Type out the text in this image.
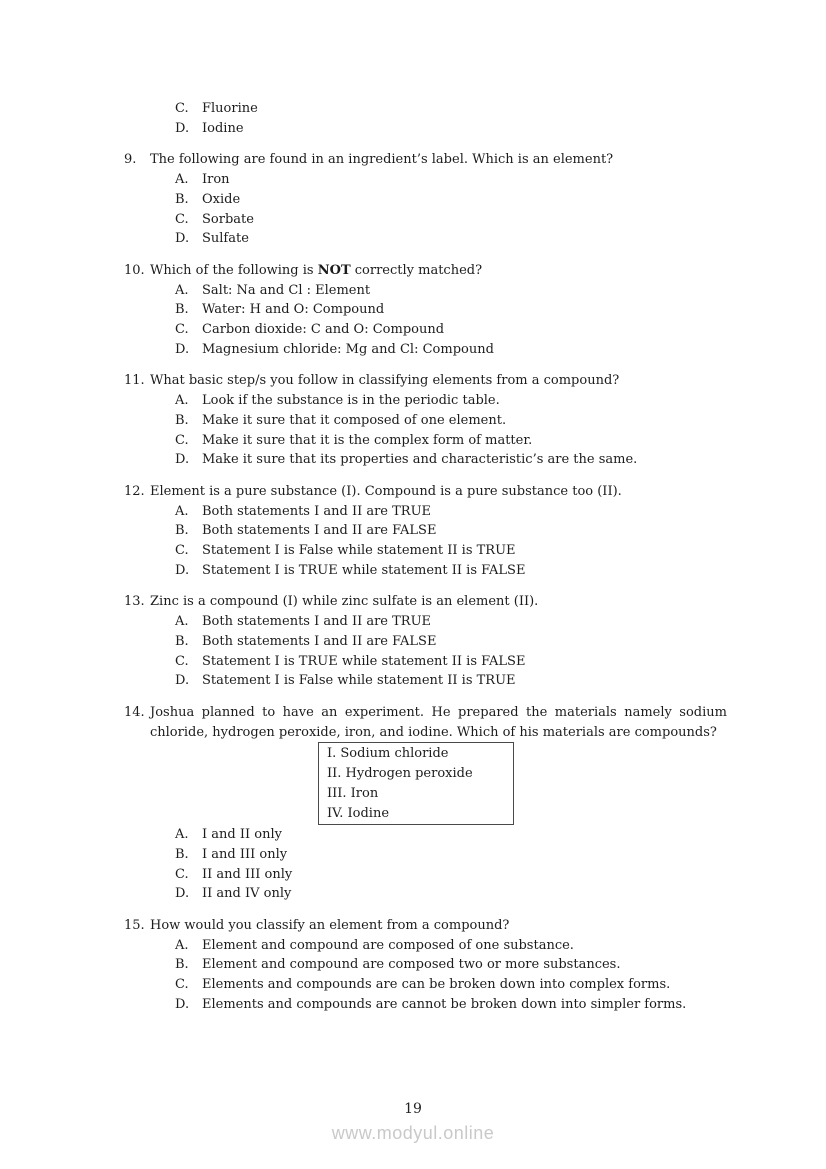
C.	Fluorine
D. Iodine
9.	The following are found in an ingredient’s label. Which is an element?
A.	Iron
B.	Oxide
C.	Sorbate
D. Sulfate
10. Which of the following is NOT correctly matched?
A.	Salt: Na and Cl : Element
B.	Water: H and O: Compound
C.	Carbon dioxide: C and O: Compound
D. Magnesium chloride: Mg and Cl: Compound
11. What basic step/s you follow in classifying elements from a compound?
A.	Look if the substance is in the periodic table.
B.	Make it sure that it composed of one element.
C.	Make it sure that it is the complex form of matter.
D. Make it sure that its properties and characteristic’s are the same.
12. Element is a pure substance (I). Compound is a pure substance too (II).
A.	Both statements I and II are TRUE
B.	Both statements I and II are FALSE
C.	Statement I is False while statement II is TRUE
D. Statement I is TRUE while statement II is FALSE
13. Zinc is a compound (I) while zinc sulfate is an element (II).
A.	Both statements I and II are TRUE
B.	Both statements I and II are FALSE
C.	Statement I is TRUE while statement II is FALSE
D. Statement I is False while statement II is TRUE
14. Joshua planned to have an experiment. He prepared the materials namely sodium chloride, hydrogen peroxide, iron, and iodine. Which of his materials are compounds?
I. Sodium chloride
II. Hydrogen peroxide
III. Iron
IV. Iodine
A.	I and II only
B.	I and III only
C.	II and III only
D. II and IV only
15. How would you classify an element from a compound?
A.	Element and compound are composed of one substance.
B.	Element and compound are composed two or more substances.
C.	Elements and compounds are can be broken down into complex forms.
D. Elements and compounds are cannot be broken down into simpler forms.
19
www.modyul.online
